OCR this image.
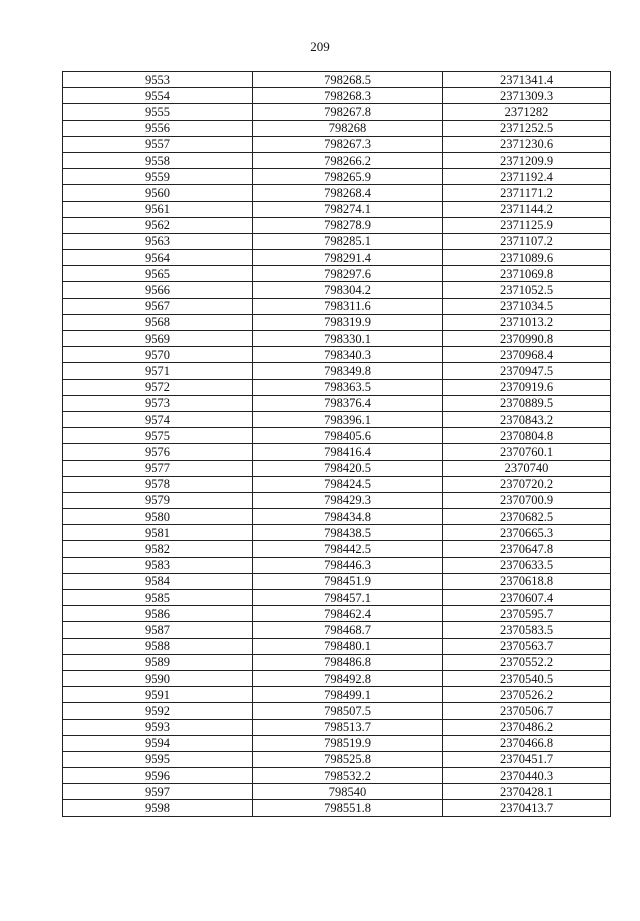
209
9553	798268.5	2371341.4
9554	798268.3	2371309.3
9555	798267.8	2371282
9556	798268	2371252.5
9557	798267.3	2371230.6
9558	798266.2	2371209.9
9559	798265.9	2371192.4
9560	798268.4	2371171.2
9561	798274.1	2371144.2
9562	798278.9	2371125.9
9563	798285.1	2371107.2
9564	798291.4	2371089.6
9565	798297.6	2371069.8
9566	798304.2	2371052.5
9567	798311.6	2371034.5
9568	798319.9	2371013.2
9569	798330.1	2370990.8
9570	798340.3	2370968.4
9571	798349.8	2370947.5
9572	798363.5	2370919.6
9573	798376.4	2370889.5
9574	798396.1	2370843.2
9575	798405.6	2370804.8
9576	798416.4	2370760.1
9577	798420.5	2370740
9578	798424.5	2370720.2
9579	798429.3	2370700.9
9580	798434.8	2370682.5
9581	798438.5	2370665.3
9582	798442.5	2370647.8
9583	798446.3	2370633.5
9584	798451.9	2370618.8
9585	798457.1	2370607.4
9586	798462.4	2370595.7
9587	798468.7	2370583.5
9588	798480.1	2370563.7
9589	798486.8	2370552.2
9590	798492.8	2370540.5
9591	798499.1	2370526.2
9592	798507.5	2370506.7
9593	798513.7	2370486.2
9594	798519.9	2370466.8
9595	798525.8	2370451.7
9596	798532.2	2370440.3
9597	798540	2370428.1
9598	798551.8	2370413.7
